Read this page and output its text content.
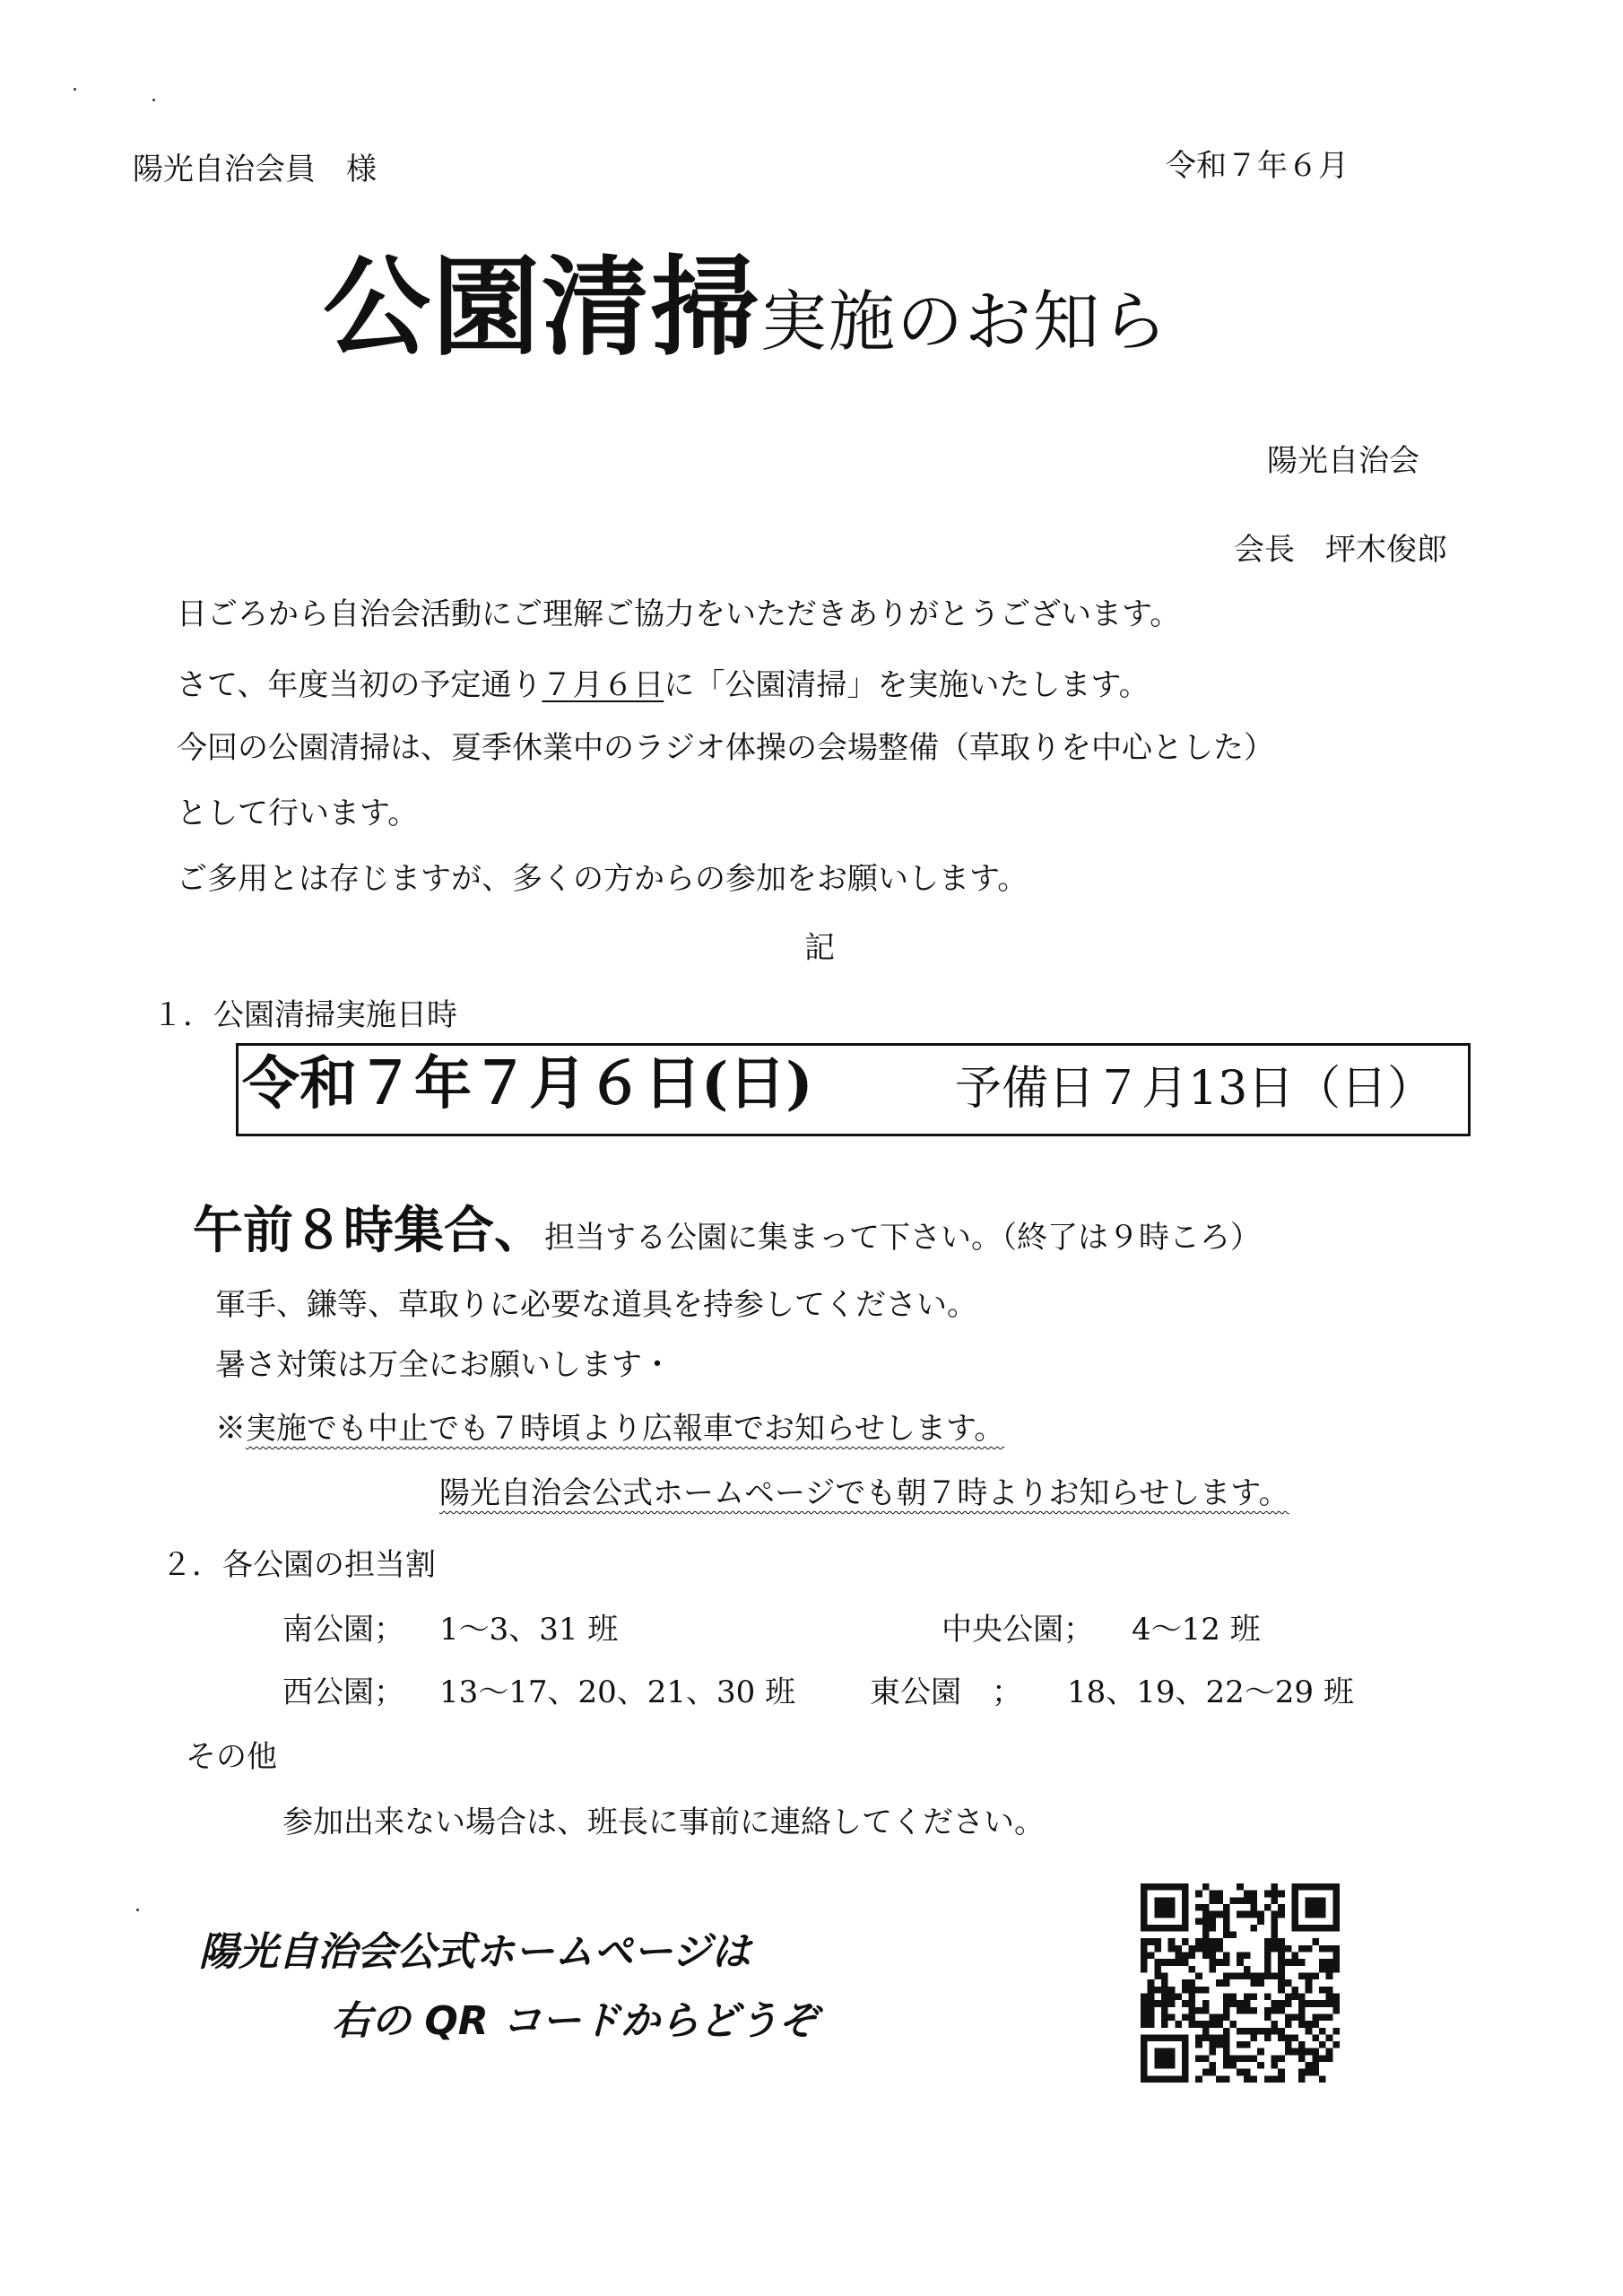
陽光自治会員　様	令和７年６月
公園清掃実施のお知ら
陽光自治会
会長　坪木俊郎
日ごろから自治会活動にご理解ご協力をいただきありがとうございます。
さて、年度当初の予定通り７月６日に「公園清掃」を実施いたします。
今回の公園清掃は、夏季休業中のラジオ体操の会場整備（草取りを中心とした）
として行います。
ご多用とは存じますが、多くの方からの参加をお願いします。
記
１．公園清掃実施日時
令和７年７月６日(日)	予備日７月13日（日）
午前８時集合、担当する公園に集まって下さい。（終了は９時ころ）
軍手、鎌等、草取りに必要な道具を持参してください。
暑さ対策は万全にお願いします・
※実施でも中止でも７時頃より広報車でお知らせします。
陽光自治会公式ホームページでも朝７時よりお知らせします。
２．各公園の担当割
南公園； 1～3、31 班	中央公園； 4～12 班
西公園； 13～17、20、21、30 班 東公園　； 18、19、22～29 班
その他
参加出来ない場合は、班長に事前に連絡してください。
陽光自治会公式ホームページは
右の QR コードからどうぞ
